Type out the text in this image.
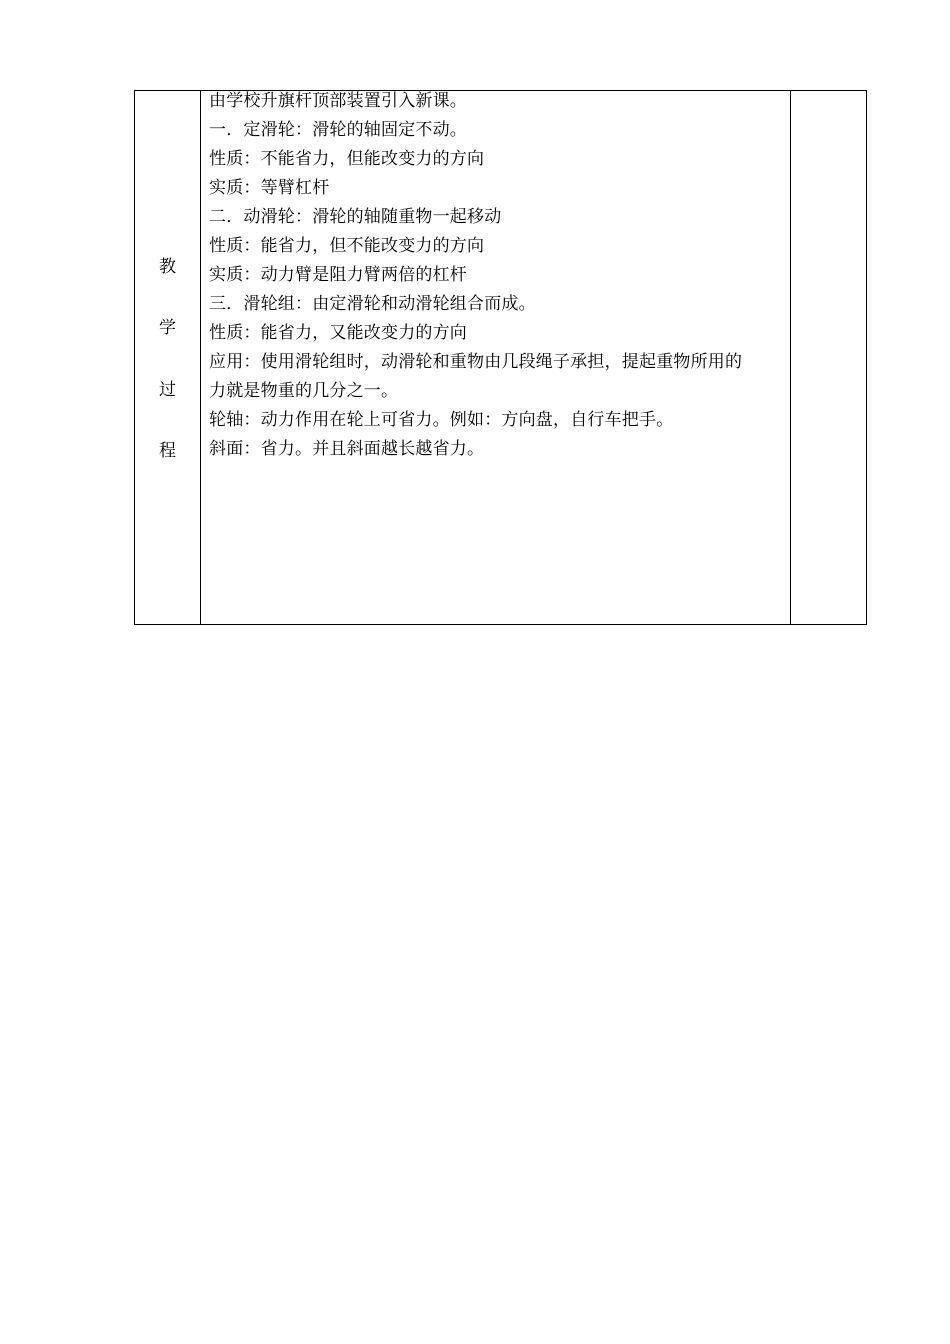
教
学
过
程
由学校升旗杆顶部装置引入新课。
一．定滑轮：滑轮的轴固定不动。
性质：不能省力，但能改变力的方向
实质：等臂杠杆
二．动滑轮：滑轮的轴随重物一起移动
性质：能省力，但不能改变力的方向
实质：动力臂是阻力臂两倍的杠杆
三．滑轮组：由定滑轮和动滑轮组合而成。
性质：能省力，又能改变力的方向
应用：使用滑轮组时，动滑轮和重物由几段绳子承担，提起重物所用的
力就是物重的几分之一。
轮轴：动力作用在轮上可省力。例如：方向盘，自行车把手。
斜面：省力。并且斜面越长越省力。
